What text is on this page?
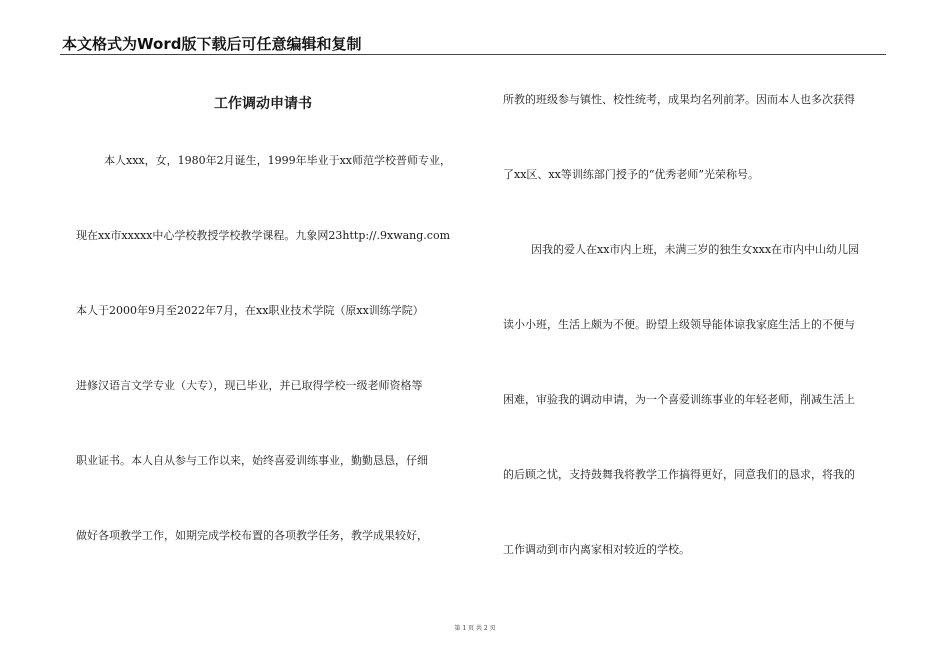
本文格式为Word版下载后可任意编辑和复制
工作调动申请书
本人xxx，女，1980年2月诞生，1999年毕业于xx师范学校普师专业，
现在xx市xxxxx中心学校教授学校教学课程。九象网23http://.9xwang.com
本人于2000年9月至2022年7月，在xx职业技术学院（原xx训练学院）
进修汉语言文学专业（大专），现已毕业，并已取得学校一级老师资格等
职业证书。本人自从参与工作以来，始终喜爱训练事业，勤勤恳恳，仔细
做好各项教学工作，如期完成学校布置的各项教学任务，教学成果较好，
所教的班级参与镇性、校性统考，成果均名列前茅。因而本人也多次获得
了xx区、xx等训练部门授予的“优秀老师”光荣称号。
因我的爱人在xx市内上班，未满三岁的独生女xxx在市内中山幼儿园
读小小班，生活上颇为不便。盼望上级领导能体谅我家庭生活上的不便与
困难，审验我的调动申请，为一个喜爱训练事业的年轻老师，削减生活上
的后顾之忧，支持鼓舞我将教学工作搞得更好，同意我们的恳求，将我的
工作调动到市内离家相对较近的学校。
第 1 页 共 2 页
